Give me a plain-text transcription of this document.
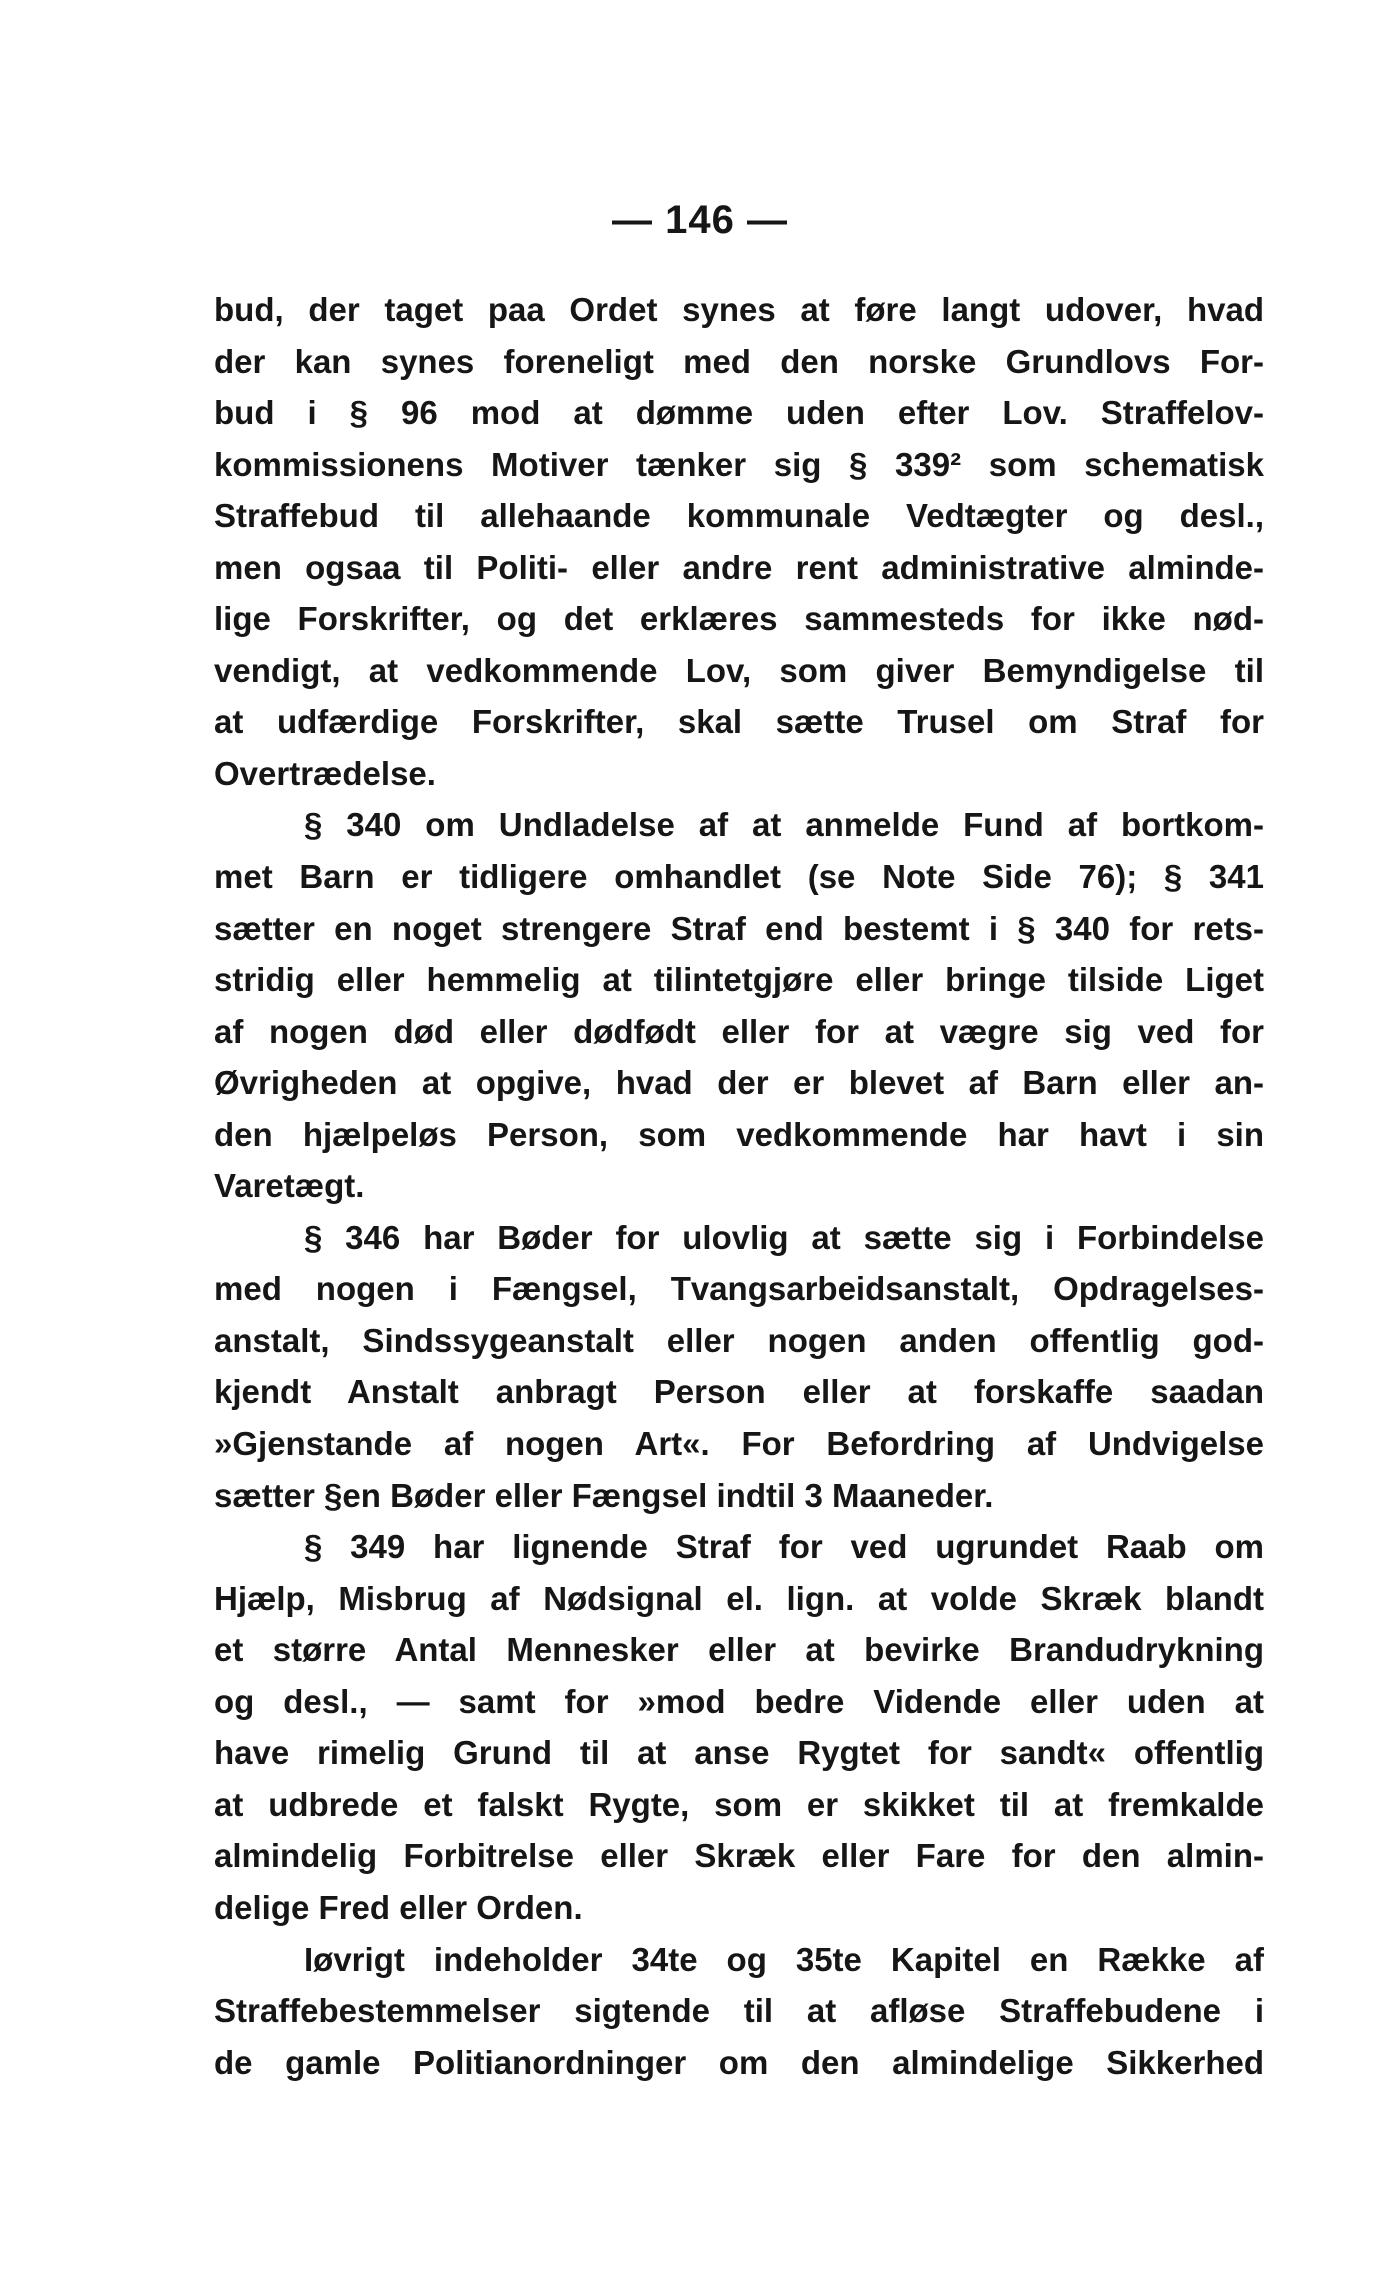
— 146 —
bud, der taget paa Ordet synes at føre langt udover, hvad
der kan synes foreneligt med den norske Grundlovs For-
bud i § 96 mod at dømme uden efter Lov. Straffelov-
kommissionens Motiver tænker sig § 339² som schematisk
Straffebud til allehaande kommunale Vedtægter og desl.,
men ogsaa til Politi- eller andre rent administrative alminde-
lige Forskrifter, og det erklæres sammesteds for ikke nød-
vendigt, at vedkommende Lov, som giver Bemyndigelse til
at udfærdige Forskrifter, skal sætte Trusel om Straf for
Overtrædelse.
§ 340 om Undladelse af at anmelde Fund af bortkom-
met Barn er tidligere omhandlet (se Note Side 76); § 341
sætter en noget strengere Straf end bestemt i § 340 for rets-
stridig eller hemmelig at tilintetgjøre eller bringe tilside Liget
af nogen død eller dødfødt eller for at vægre sig ved for
Øvrigheden at opgive, hvad der er blevet af Barn eller an-
den hjælpeløs Person, som vedkommende har havt i sin
Varetægt.
§ 346 har Bøder for ulovlig at sætte sig i Forbindelse
med nogen i Fængsel, Tvangsarbeidsanstalt, Opdragelses-
anstalt, Sindssygeanstalt eller nogen anden offentlig god-
kjendt Anstalt anbragt Person eller at forskaffe saadan
»Gjenstande af nogen Art«. For Befordring af Undvigelse
sætter §en Bøder eller Fængsel indtil 3 Maaneder.
§ 349 har lignende Straf for ved ugrundet Raab om
Hjælp, Misbrug af Nødsignal el. lign. at volde Skræk blandt
et større Antal Mennesker eller at bevirke Brandudrykning
og desl., — samt for »mod bedre Vidende eller uden at
have rimelig Grund til at anse Rygtet for sandt« offentlig
at udbrede et falskt Rygte, som er skikket til at fremkalde
almindelig Forbitrelse eller Skræk eller Fare for den almin-
delige Fred eller Orden.
Iøvrigt indeholder 34te og 35te Kapitel en Række af
Straffebestemmelser sigtende til at afløse Straffebudene i
de gamle Politianordninger om den almindelige Sikkerhed
